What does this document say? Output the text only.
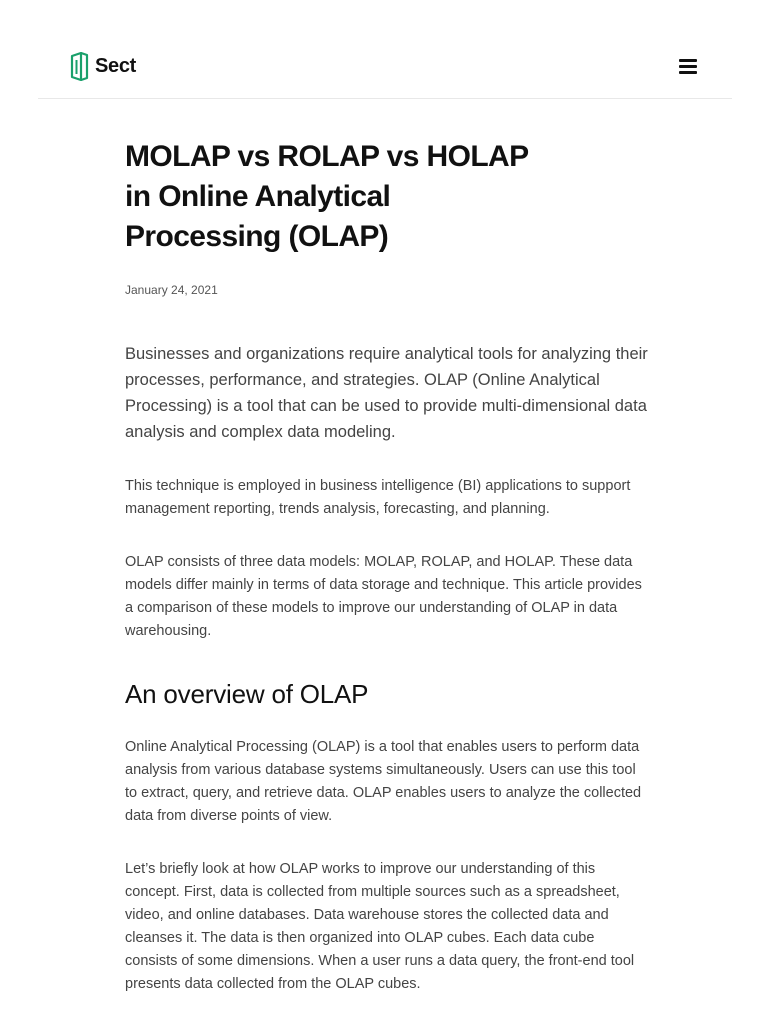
Sect
MOLAP vs ROLAP vs HOLAP in Online Analytical Processing (OLAP)
January 24, 2021

Businesses and organizations require analytical tools for analyzing their processes, performance, and strategies. OLAP (Online Analytical Processing) is a tool that can be used to provide multi-dimensional data analysis and complex data modeling.

This technique is employed in business intelligence (BI) applications to support management reporting, trends analysis, forecasting, and planning.

OLAP consists of three data models: MOLAP, ROLAP, and HOLAP. These data models differ mainly in terms of data storage and technique. This article provides a comparison of these models to improve our understanding of OLAP in data warehousing.

An overview of OLAP

Online Analytical Processing (OLAP) is a tool that enables users to perform data analysis from various database systems simultaneously. Users can use this tool to extract, query, and retrieve data. OLAP enables users to analyze the collected data from diverse points of view.

Let’s briefly look at how OLAP works to improve our understanding of this concept. First, data is collected from multiple sources such as a spreadsheet, video, and online databases. Data warehouse stores the collected data and cleanses it. The data is then organized into OLAP cubes. Each data cube consists of some dimensions. When a user runs a data query, the front-end tool presents data collected from the OLAP cubes.
